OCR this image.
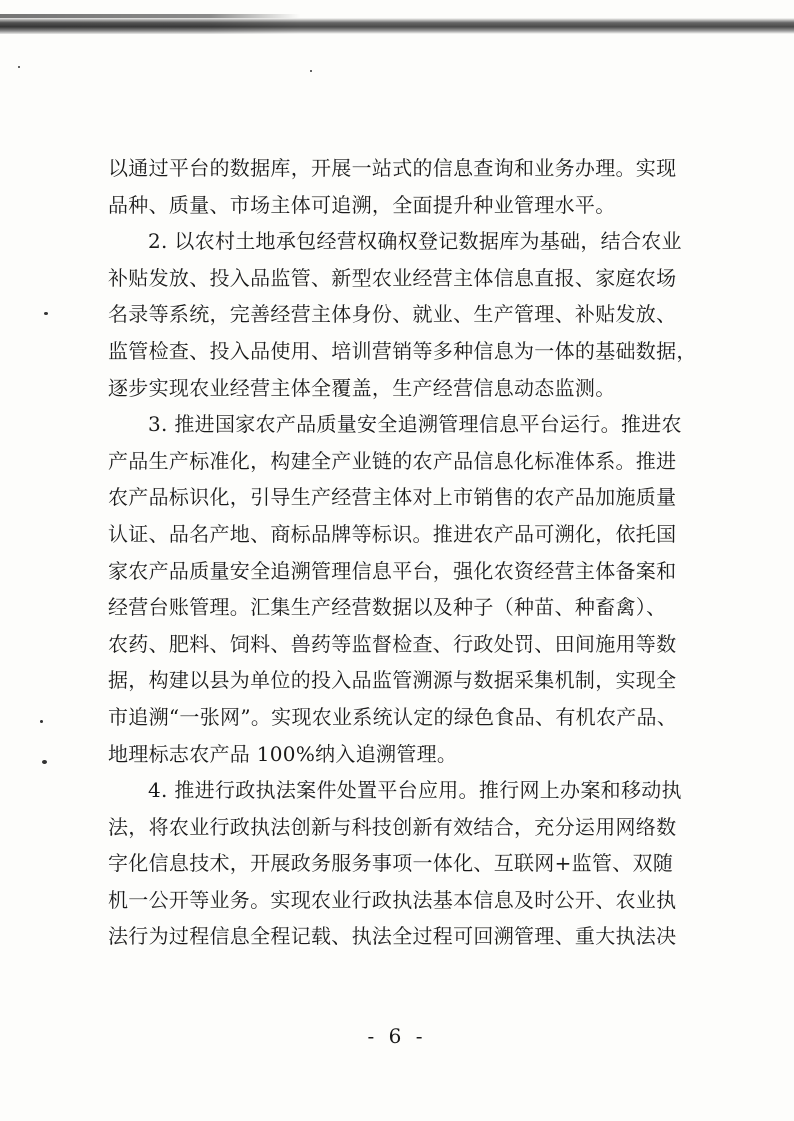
以通过平台的数据库，开展一站式的信息查询和业务办理。实现
品种、质量、市场主体可追溯，全面提升种业管理水平。
2. 以农村土地承包经营权确权登记数据库为基础，结合农业
补贴发放、投入品监管、新型农业经营主体信息直报、家庭农场
名录等系统，完善经营主体身份、就业、生产管理、补贴发放、
监管检查、投入品使用、培训营销等多种信息为一体的基础数据，
逐步实现农业经营主体全覆盖，生产经营信息动态监测。
3. 推进国家农产品质量安全追溯管理信息平台运行。推进农
产品生产标准化，构建全产业链的农产品信息化标准体系。推进
农产品标识化，引导生产经营主体对上市销售的农产品加施质量
认证、品名产地、商标品牌等标识。推进农产品可溯化，依托国
家农产品质量安全追溯管理信息平台，强化农资经营主体备案和
经营台账管理。汇集生产经营数据以及种子（种苗、种畜禽）、
农药、肥料、饲料、兽药等监督检查、行政处罚、田间施用等数
据，构建以县为单位的投入品监管溯源与数据采集机制，实现全
市追溯“一张网”。实现农业系统认定的绿色食品、有机农产品、
地理标志农产品 100%纳入追溯管理。
4. 推进行政执法案件处置平台应用。推行网上办案和移动执
法，将农业行政执法创新与科技创新有效结合，充分运用网络数
字化信息技术，开展政务服务事项一体化、互联网+监管、双随
机一公开等业务。实现农业行政执法基本信息及时公开、农业执
法行为过程信息全程记载、执法全过程可回溯管理、重大执法决
- 6 -
